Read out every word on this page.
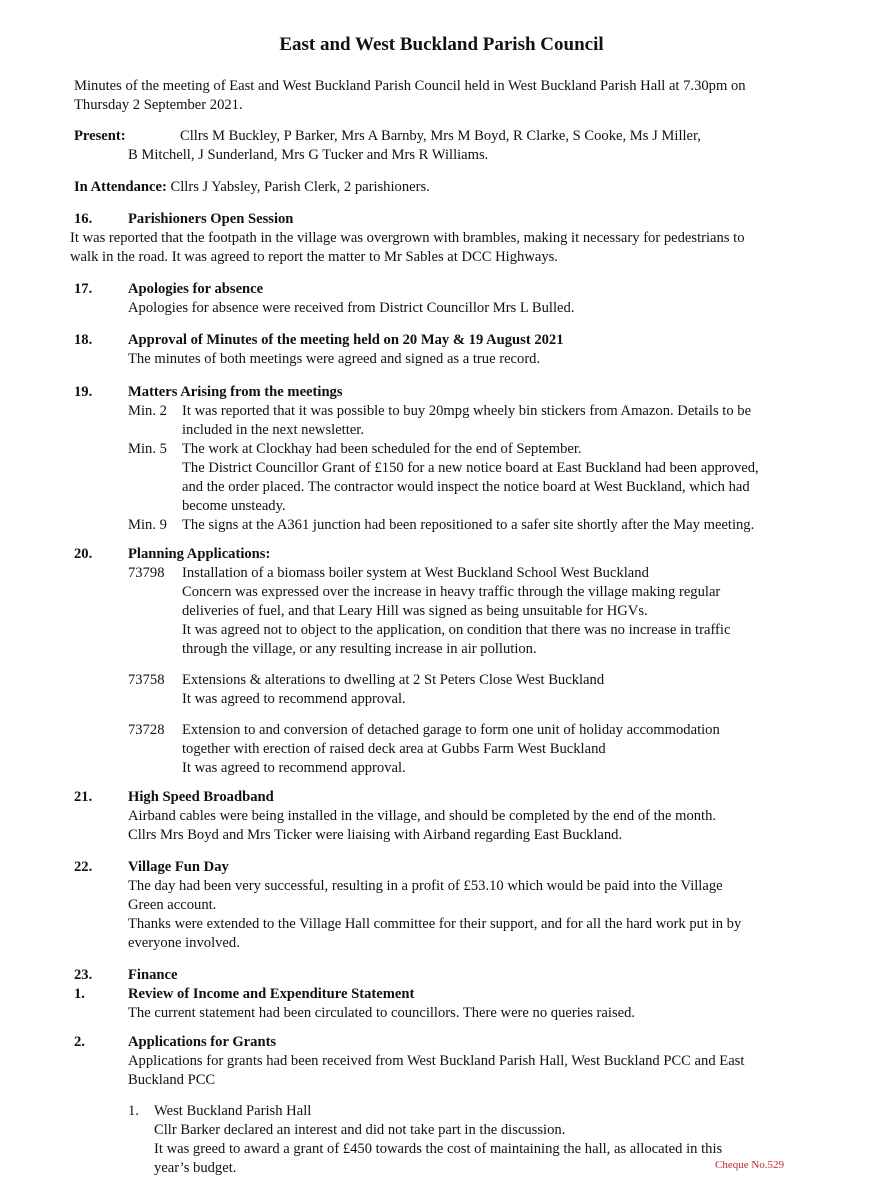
East and West Buckland Parish Council
Minutes of the meeting of East and West Buckland Parish Council held in West Buckland Parish Hall at 7.30pm on
Thursday 2 September 2021.
Present:	Cllrs M Buckley, P Barker, Mrs A Barnby, Mrs M Boyd, R Clarke, S Cooke, Ms J Miller,
B Mitchell, J Sunderland, Mrs G Tucker and Mrs R Williams.
In Attendance: Cllrs J Yabsley, Parish Clerk, 2 parishioners.
16. Parishioners Open Session
It was reported that the footpath in the village was overgrown with brambles, making it necessary for pedestrians to
walk in the road. It was agreed to report the matter to Mr Sables at DCC Highways.
17. Apologies for absence
Apologies for absence were received from District Councillor Mrs L Bulled.
18. Approval of Minutes of the meeting held on 20 May & 19 August 2021
The minutes of both meetings were agreed and signed as a true record.
19. Matters Arising from the meetings
Min. 2 It was reported that it was possible to buy 20mpg wheely bin stickers from Amazon. Details to be
included in the next newsletter.
Min. 5 The work at Clockhay had been scheduled for the end of September.
The District Councillor Grant of £150 for a new notice board at East Buckland had been approved,
and the order placed. The contractor would inspect the notice board at West Buckland, which had
become unsteady.
Min. 9 The signs at the A361 junction had been repositioned to a safer site shortly after the May meeting.
20. Planning Applications:
73798 Installation of a biomass boiler system at West Buckland School West Buckland
Concern was expressed over the increase in heavy traffic through the village making regular
deliveries of fuel, and that Leary Hill was signed as being unsuitable for HGVs.
It was agreed not to object to the application, on condition that there was no increase in traffic
through the village, or any resulting increase in air pollution.
73758 Extensions & alterations to dwelling at 2 St Peters Close West Buckland
It was agreed to recommend approval.
73728 Extension to and conversion of detached garage to form one unit of holiday accommodation
together with erection of raised deck area at Gubbs Farm West Buckland
It was agreed to recommend approval.
21. High Speed Broadband
Airband cables were being installed in the village, and should be completed by the end of the month.
Cllrs Mrs Boyd and Mrs Ticker were liaising with Airband regarding East Buckland.
22. Village Fun Day
The day had been very successful, resulting in a profit of £53.10 which would be paid into the Village
Green account.
Thanks were extended to the Village Hall committee for their support, and for all the hard work put in by
everyone involved.
23. Finance
1.	Review of Income and Expenditure Statement
The current statement had been circulated to councillors. There were no queries raised.
2.	Applications for Grants
Applications for grants had been received from West Buckland Parish Hall, West Buckland PCC and East
Buckland PCC
1. West Buckland Parish Hall
Cllr Barker declared an interest and did not take part in the discussion.
It was greed to award a grant of £450 towards the cost of maintaining the hall, as allocated in this
year’s budget.	Cheque No.529
